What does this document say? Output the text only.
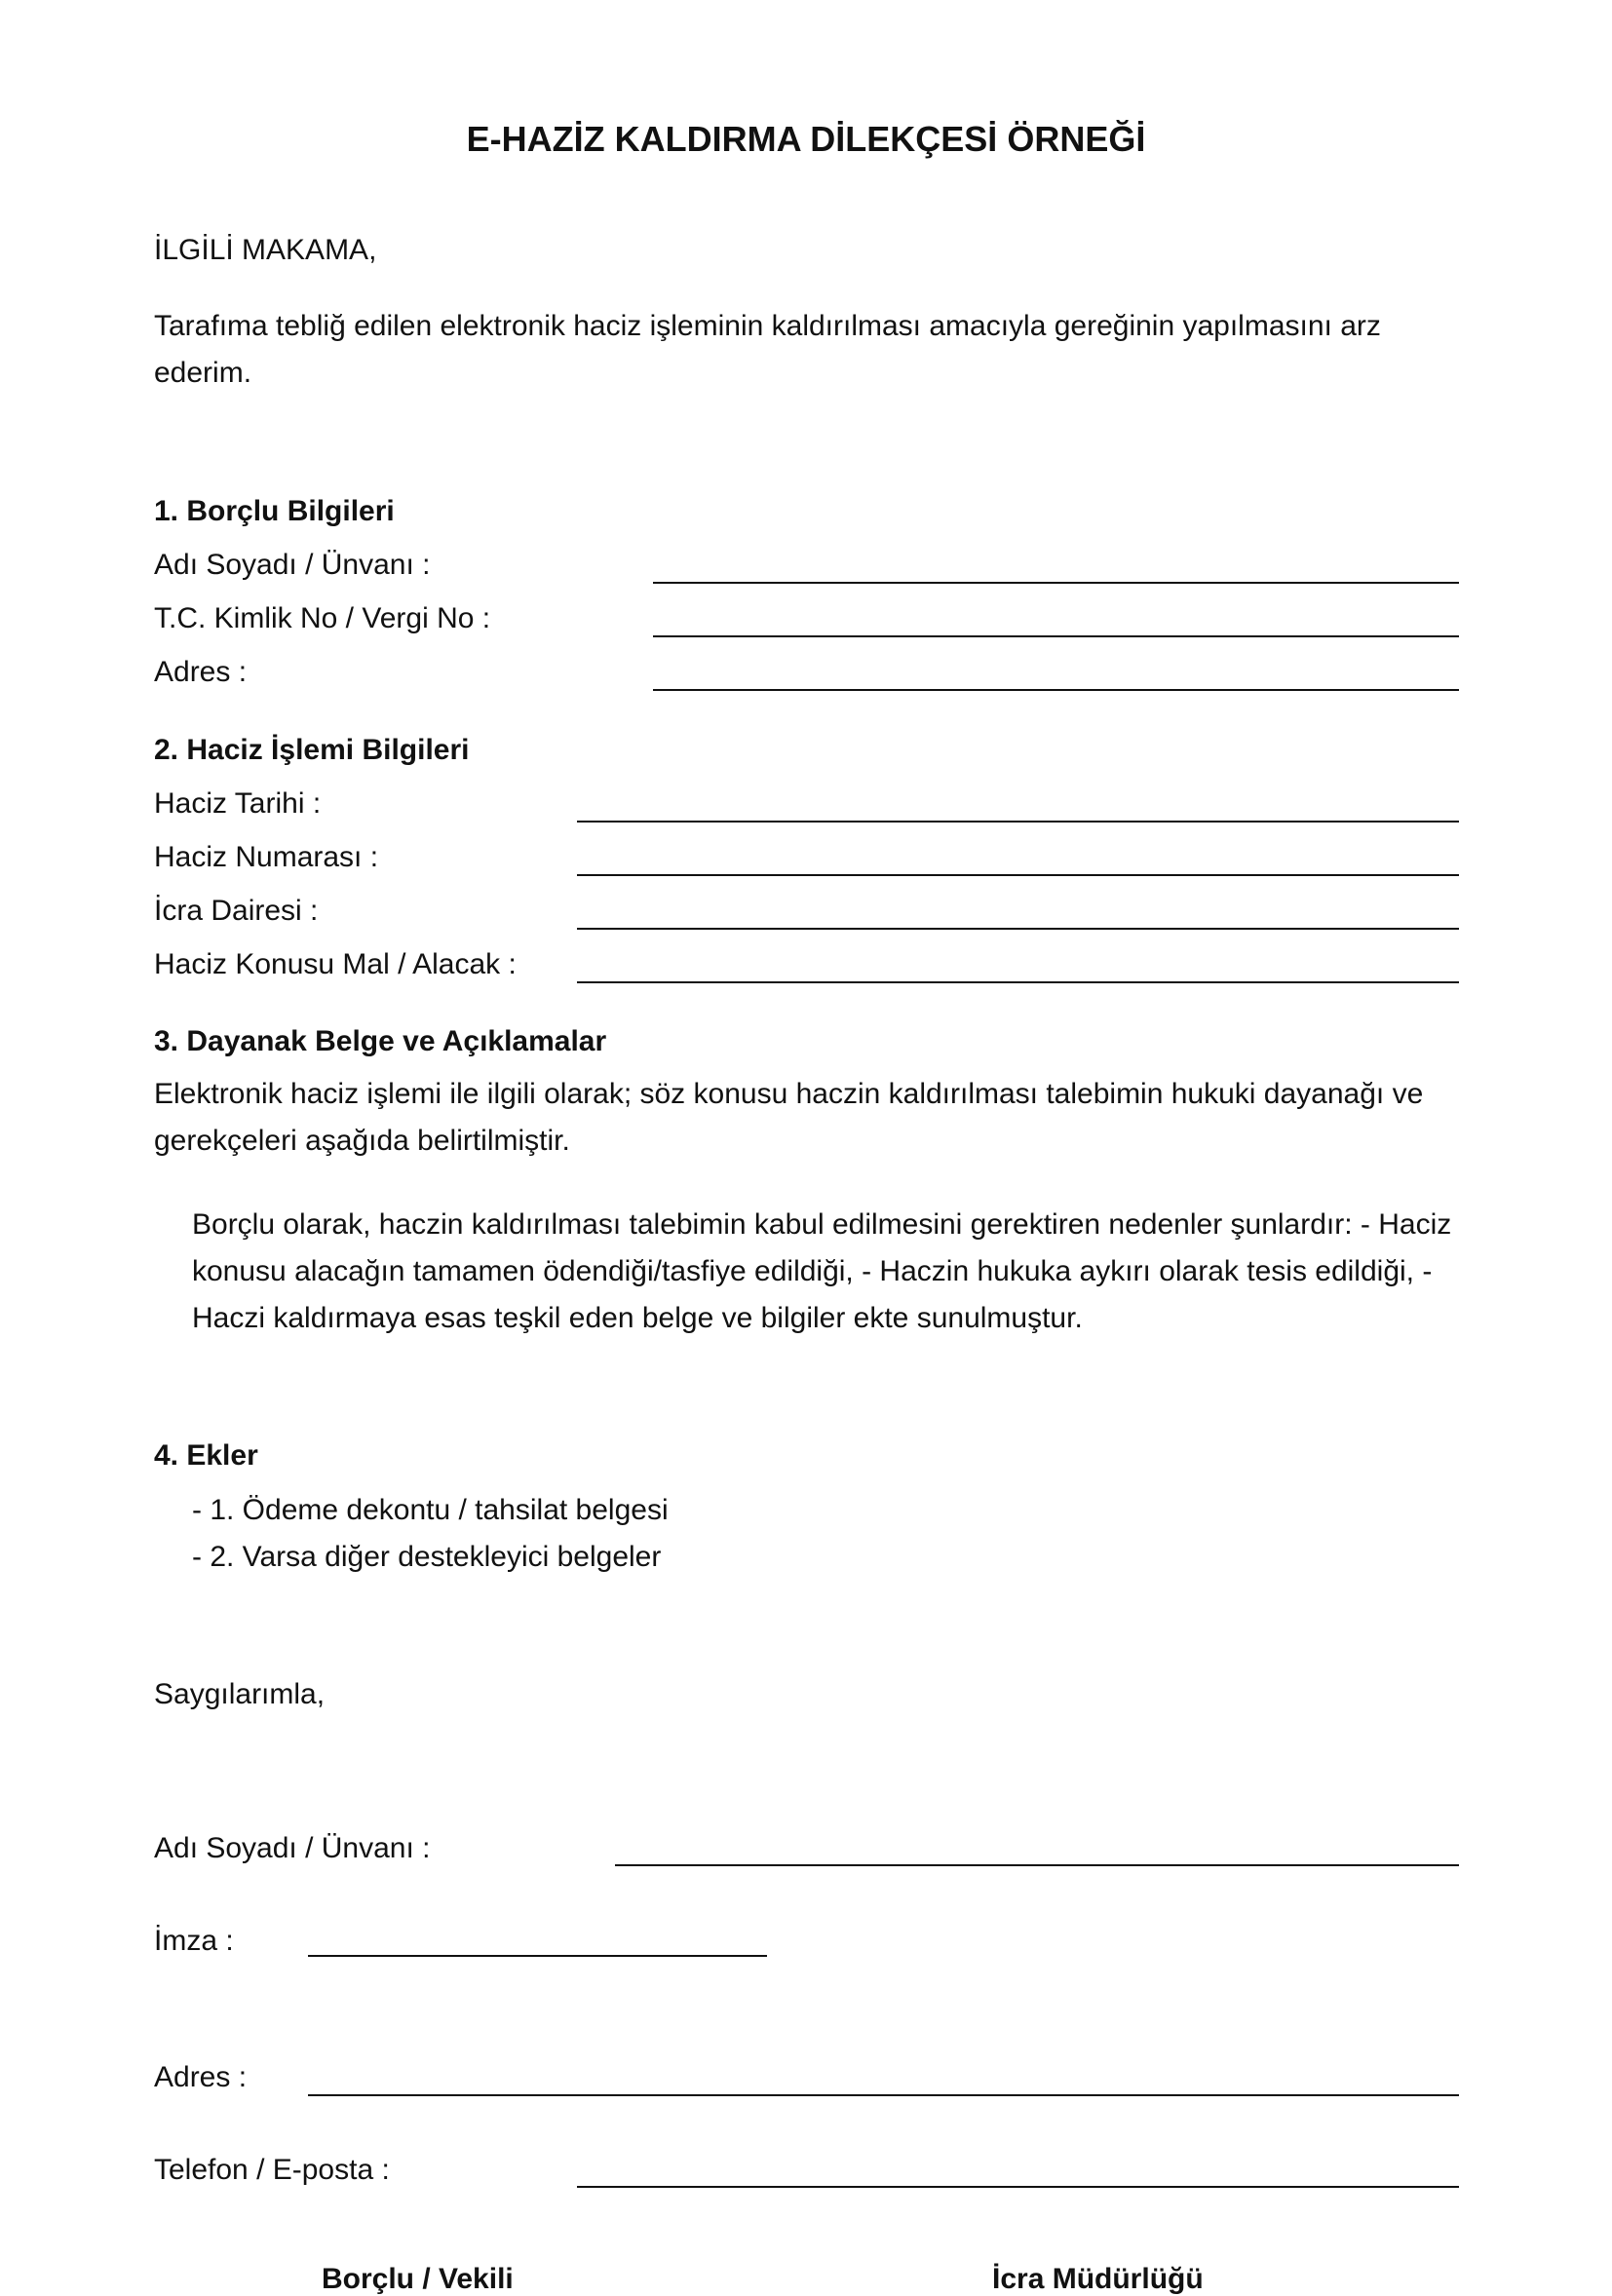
E-HAZİZ KALDIRMA DİLEKÇESİ ÖRNEĞİ
İLGİLİ MAKAMA,
Tarafıma tebliğ edilen elektronik haciz işleminin kaldırılması amacıyla gereğinin yapılmasını arz ederim.
1. Borçlu Bilgileri
Adı Soyadı / Ünvanı :
T.C. Kimlik No / Vergi No :
Adres :
2. Haciz İşlemi Bilgileri
Haciz Tarihi :
Haciz Numarası :
İcra Dairesi :
Haciz Konusu Mal / Alacak :
3. Dayanak Belge ve Açıklamalar
Elektronik haciz işlemi ile ilgili olarak; söz konusu haczin kaldırılması talebimin hukuki dayanağı ve gerekçeleri aşağıda belirtilmiştir.
Borçlu olarak, haczin kaldırılması talebimin kabul edilmesini gerektiren nedenler şunlardır: - Haciz konusu alacağın tamamen ödendiği/tasfiye edildiği, - Haczin hukuka aykırı olarak tesis edildiği, - Haczi kaldırmaya esas teşkil eden belge ve bilgiler ekte sunulmuştur.
4. Ekler
- 1. Ödeme dekontu / tahsilat belgesi
- 2. Varsa diğer destekleyici belgeler
Saygılarımla,
Adı Soyadı / Ünvanı :
İmza :
Adres :
Telefon / E-posta :
Borçlu / Vekili	İcra Müdürlüğü
